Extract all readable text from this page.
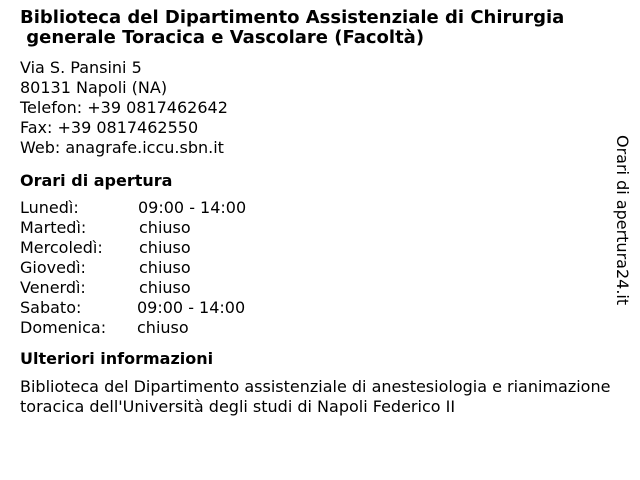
Biblioteca del Dipartimento Assistenziale di Chirurgia
generale Toracica e Vascolare (Facoltà)
Via S. Pansini 5
80131 Napoli (NA)
Telefon: +39 0817462642
Fax: +39 0817462550
Web: anagrafe.iccu.sbn.it
Orari di apertura
Lunedì:	09:00 - 14:00
Martedì:	chiuso
Mercoledì:	chiuso
Giovedì:	chiuso
Venerdì:	chiuso
Sabato:	09:00 - 14:00
Domenica:	chiuso
Ulteriori informazioni
Biblioteca del Dipartimento assistenziale di anestesiologia e rianimazione toracica dell'Università degli studi di Napoli Federico II
Orari di apertura24.it
